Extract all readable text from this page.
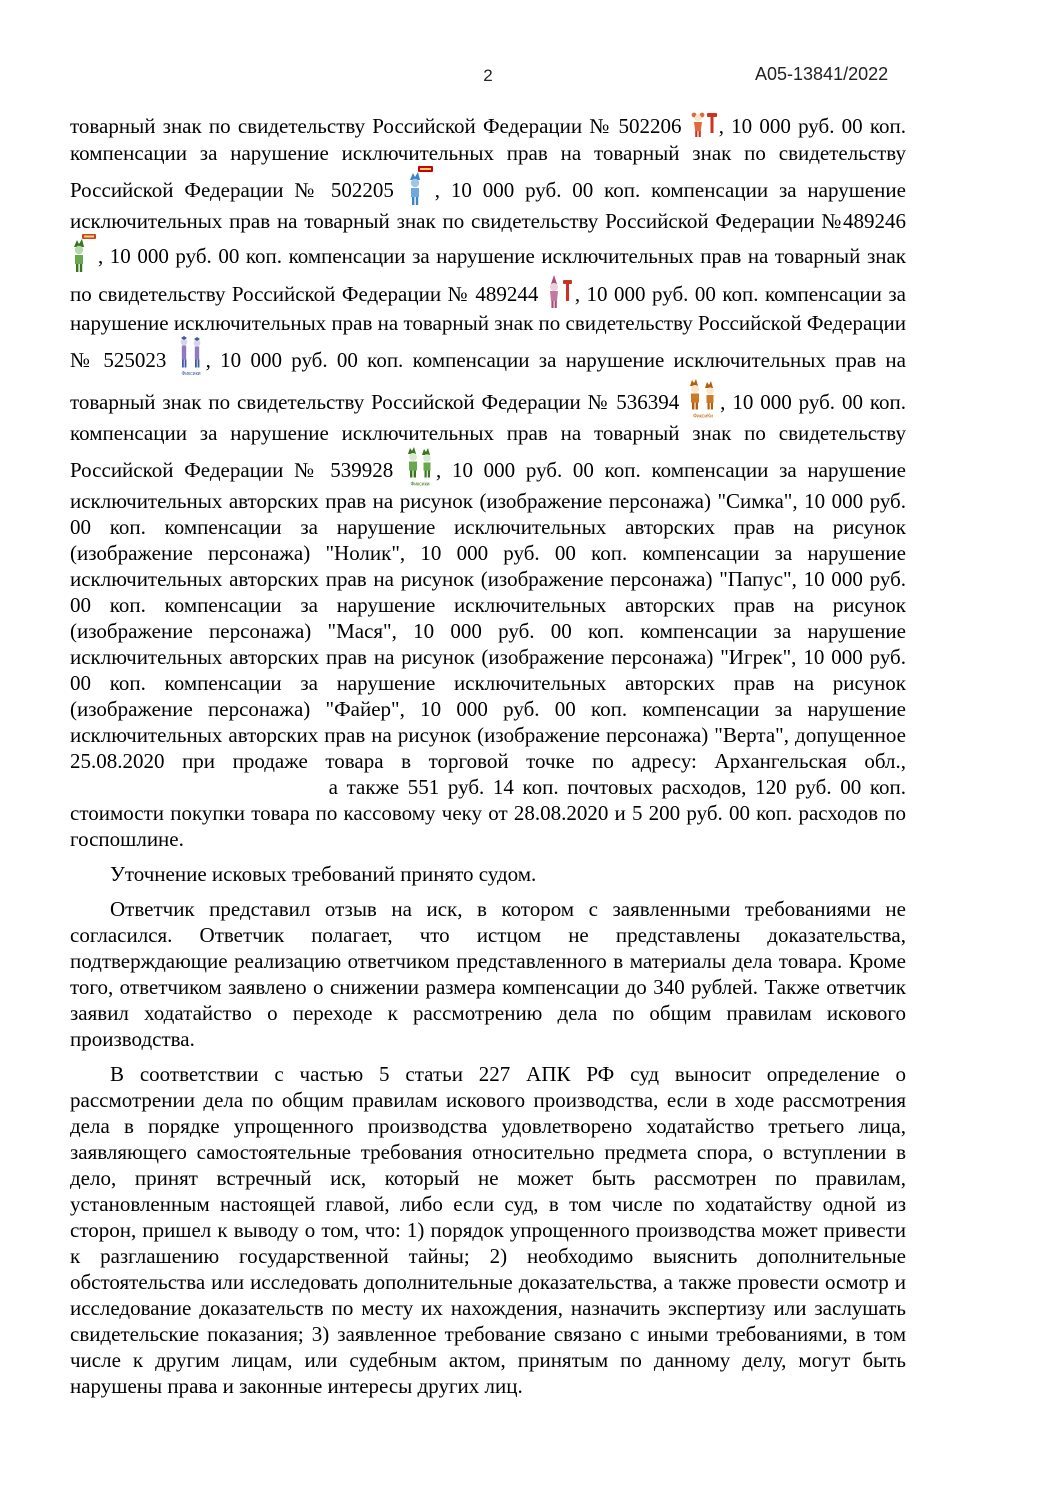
2	A05-13841/2022

товарный знак по свидетельству Российской Федерации № 502206 , 10 000 руб. 00 коп. компенсации за нарушение исключительных прав на товарный знак по свидетельству Российской Федерации № 502205 , 10 000 руб. 00 коп. компенсации за нарушение исключительных прав на товарный знак по свидетельству Российской Федерации №489246, 10 000 руб. 00 коп. компенсации за нарушение исключительных прав на товарный знак по свидетельству Российской Федерации № 489244 , 10 000 руб. 00 коп. компенсации за нарушение исключительных прав на товарный знак по свидетельству Российской Федерации № 525023
Фиксики
, 10 000 руб. 00 коп. компенсации за нарушение исключительных прав на товарный знак по свидетельству Российской Федерации № 536394
ФиксиКи
, 10 000 руб. 00 коп. компенсации за нарушение исключительных прав на товарный знак по свидетельству Российской Федерации № 539928
Фиксики
, 10 000 руб. 00 коп. компенсации за нарушение исключительных авторских прав на рисунок (изображение персонажа) "Симка", 10 000 руб. 00 коп. компенсации за нарушение исключительных авторских прав на рисунок (изображение персонажа) "Нолик", 10 000 руб. 00 коп. компенсации за нарушение исключительных авторских прав на рисунок (изображение персонажа) "Папус", 10 000 руб. 00 коп. компенсации за нарушение исключительных авторских прав на рисунок (изображение персонажа) "Мася", 10 000 руб. 00 коп. компенсации за нарушение исключительных авторских прав на рисунок (изображение персонажа) "Игрек", 10 000 руб. 00 коп. компенсации за нарушение исключительных авторских прав на рисунок (изображение персонажа) "Файер", 10 000 руб. 00 коп. компенсации за нарушение исключительных авторских прав на рисунок (изображение персонажа) "Верта", допущенное 25.08.2020 при продаже товара в торговой точке по адресу: Архангельская обл., а также 551 руб. 14 коп. почтовых расходов, 120 руб. 00 коп. стоимости покупки товара по кассовому чеку от 28.08.2020 и 5 200 руб. 00 коп. расходов по госпошлине.

Уточнение исковых требований принято судом.

Ответчик представил отзыв на иск, в котором с заявленными требованиями не согласился. Ответчик полагает, что истцом не представлены доказательства, подтверждающие реализацию ответчиком представленного в материалы дела товара. Кроме того, ответчиком заявлено о снижении размера компенсации до 340 рублей. Также ответчик заявил ходатайство о переходе к рассмотрению дела по общим правилам искового производства.

В соответствии с частью 5 статьи 227 АПК РФ суд выносит определение о рассмотрении дела по общим правилам искового производства, если в ходе рассмотрения дела в порядке упрощенного производства удовлетворено ходатайство третьего лица, заявляющего самостоятельные требования относительно предмета спора, о вступлении в дело, принят встречный иск, который не может быть рассмотрен по правилам, установленным настоящей главой, либо если суд, в том числе по ходатайству одной из сторон, пришел к выводу о том, что: 1) порядок упрощенного производства может привести к разглашению государственной тайны; 2) необходимо выяснить дополнительные обстоятельства или исследовать дополнительные доказательства, а также провести осмотр и исследование доказательств по месту их нахождения, назначить экспертизу или заслушать свидетельские показания; 3) заявленное требование связано с иными требованиями, в том числе к другим лицам, или судебным актом, принятым по данному делу, могут быть нарушены права и законные интересы других лиц.
